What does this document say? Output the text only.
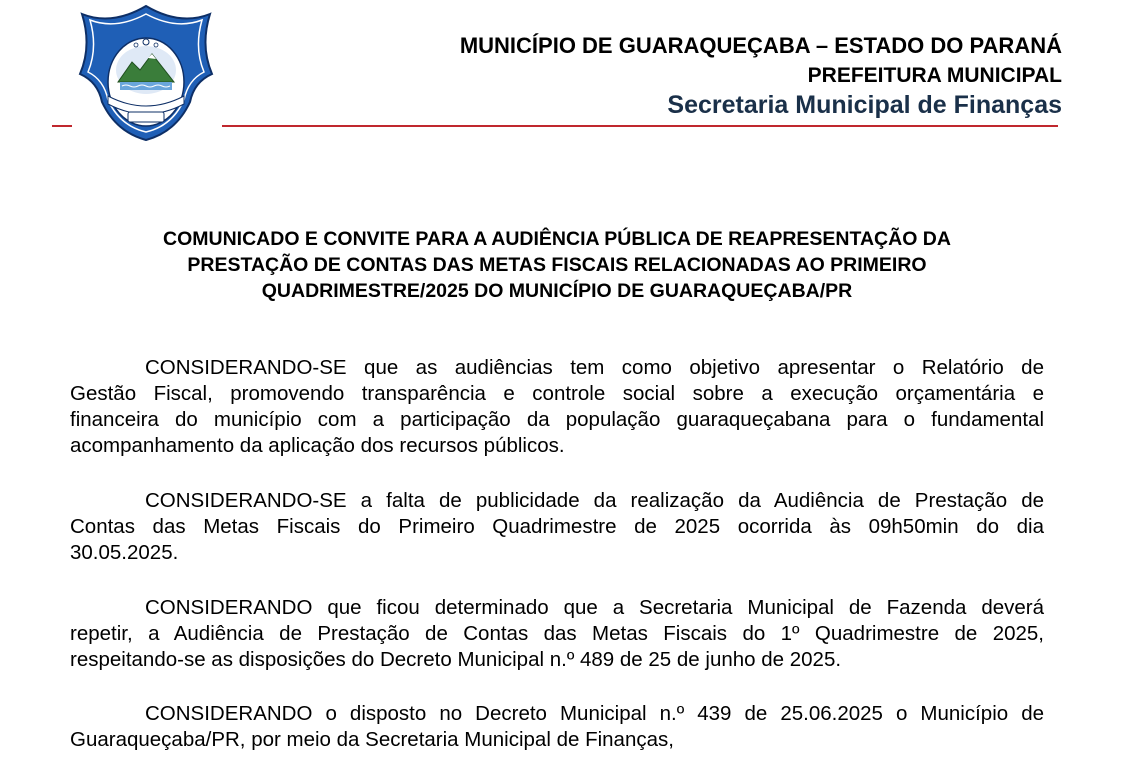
MUNICÍPIO DE GUARAQUEÇABA – ESTADO DO PARANÁ
PREFEITURA MUNICIPAL
Secretaria Municipal de Finanças
COMUNICADO E CONVITE PARA A AUDIÊNCIA PÚBLICA DE REAPRESENTAÇÃO DA
PRESTAÇÃO DE CONTAS DAS METAS FISCAIS RELACIONADAS AO PRIMEIRO
QUADRIMESTRE/2025 DO MUNICÍPIO DE GUARAQUEÇABA/PR
CONSIDERANDO-SE que as audiências tem como objetivo apresentar o Relatório de
Gestão Fiscal, promovendo transparência e controle social sobre a execução orçamentária e
financeira do município com a participação da população guaraqueçabana para o fundamental
acompanhamento da aplicação dos recursos públicos.
CONSIDERANDO-SE a falta de publicidade da realização da Audiência de Prestação de
Contas das Metas Fiscais do Primeiro Quadrimestre de 2025 ocorrida às 09h50min do dia
30.05.2025.
CONSIDERANDO que ficou determinado que a Secretaria Municipal de Fazenda deverá
repetir, a Audiência de Prestação de Contas das Metas Fiscais do 1º Quadrimestre de 2025,
respeitando-se as disposições do Decreto Municipal n.º 489 de 25 de junho de 2025.
CONSIDERANDO o disposto no Decreto Municipal n.º 439 de 25.06.2025 o Município de
Guaraqueçaba/PR, por meio da Secretaria Municipal de Finanças,
